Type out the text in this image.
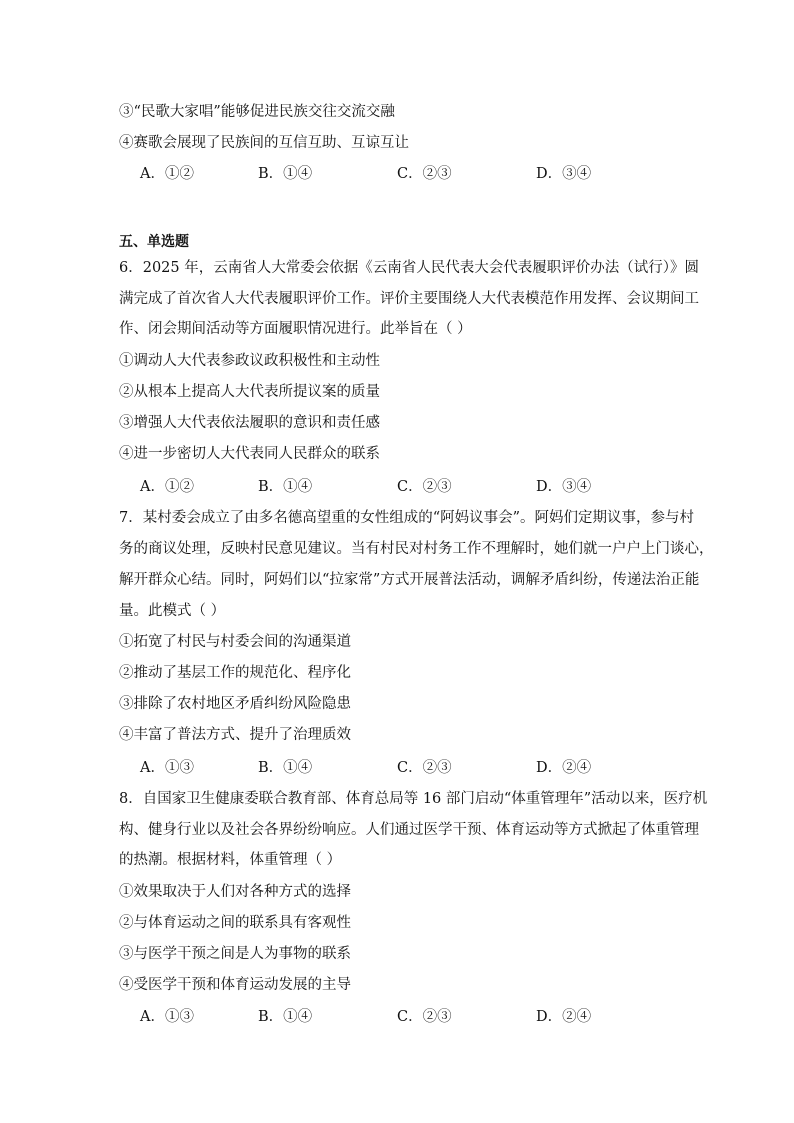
③“民歌大家唱”能够促进民族交往交流交融
④赛歌会展现了民族间的互信互助、互谅互让
A．①②	B．①④	C．②③	D．③④
五、单选题
6．2025 年，云南省人大常委会依据《云南省人民代表大会代表履职评价办法（试行）》圆
满完成了首次省人大代表履职评价工作。评价主要围绕人大代表模范作用发挥、会议期间工
作、闭会期间活动等方面履职情况进行。此举旨在（ ）
①调动人大代表参政议政积极性和主动性
②从根本上提高人大代表所提议案的质量
③增强人大代表依法履职的意识和责任感
④进一步密切人大代表同人民群众的联系
A．①②	B．①④	C．②③	D．③④
7．某村委会成立了由多名德高望重的女性组成的“阿妈议事会”。阿妈们定期议事，参与村
务的商议处理，反映村民意见建议。当有村民对村务工作不理解时，她们就一户户上门谈心，
解开群众心结。同时，阿妈们以“拉家常”方式开展普法活动，调解矛盾纠纷，传递法治正能
量。此模式（ ）
①拓宽了村民与村委会间的沟通渠道
②推动了基层工作的规范化、程序化
③排除了农村地区矛盾纠纷风险隐患
④丰富了普法方式、提升了治理质效
A．①③	B．①④	C．②③	D．②④
8．自国家卫生健康委联合教育部、体育总局等 16 部门启动“体重管理年”活动以来，医疗机
构、健身行业以及社会各界纷纷响应。人们通过医学干预、体育运动等方式掀起了体重管理
的热潮。根据材料，体重管理（ ）
①效果取决于人们对各种方式的选择
②与体育运动之间的联系具有客观性
③与医学干预之间是人为事物的联系
④受医学干预和体育运动发展的主导
A．①③	B．①④	C．②③	D．②④
